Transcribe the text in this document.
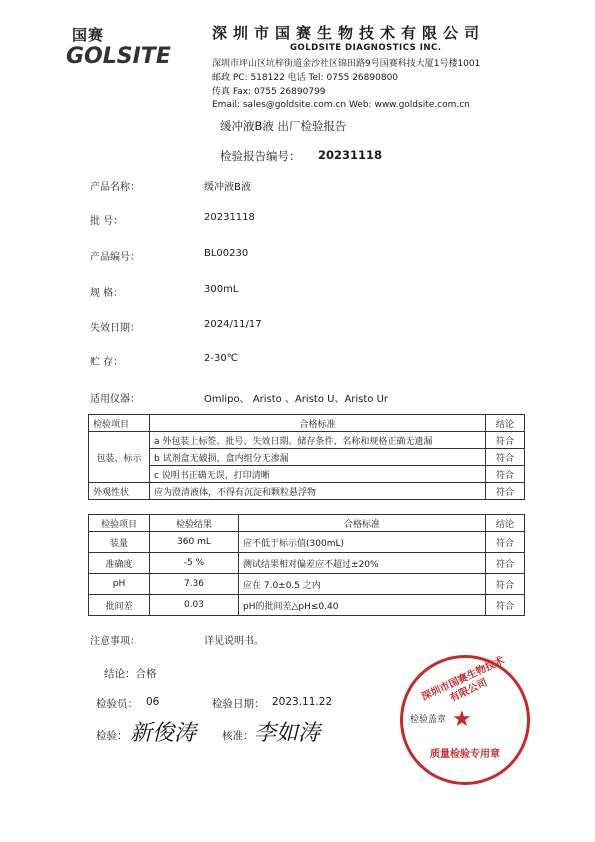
国赛
GOLSITE
深圳市国赛生物技术有限公司
GOLDSITE DIAGNOSTICS INC.
深圳市坪山区坑梓街道金沙社区锦田路9号国赛科技大厦1号楼1001
邮政 PC: 518122 电话 Tel: 0755 26890800
传真 Fax: 0755 26890799
Email: sales@goldsite.com.cn Web: www.goldsite.com.cn
缓冲液B液 出厂检验报告
检验报告编号： 20231118
产品名称：	缓冲液B液
批 号：	20231118
产品编号：	BL00230
规 格：	300mL
失效日期：	2024/11/17
贮 存：	2-30℃
适用仪器：	Omlipo、 Aristo 、Aristo U、Aristo Ur
检验项目	合格标准	结论
包装、标示	a 外包装上标签、批号、失效日期、储存条件、名称和规格正确无遗漏	符合
	b 试剂盒无破损，盒内组分无渗漏	符合
	c 说明书正确无误，打印清晰	符合
外观性状	应为澄清液体，不得有沉淀和颗粒悬浮物	符合
检验项目	检验结果	合格标准	结论
装量	360 mL	应不低于标示值(300mL)	符合
准确度	-5 %	测试结果相对偏差应不超过±20%	符合
pH	7.36	应在 7.0±0.5 之内	符合
批间差	0.03	pH的批间差△pH≤0.40	符合
注意事项：	详见说明书。
结论：合格
检验员： 06	检验日期： 2023.11.22
检验： 新俊涛 核准： 李如涛
深圳市国赛生物技术有限公司
★
检验盖章
质量检验专用章
